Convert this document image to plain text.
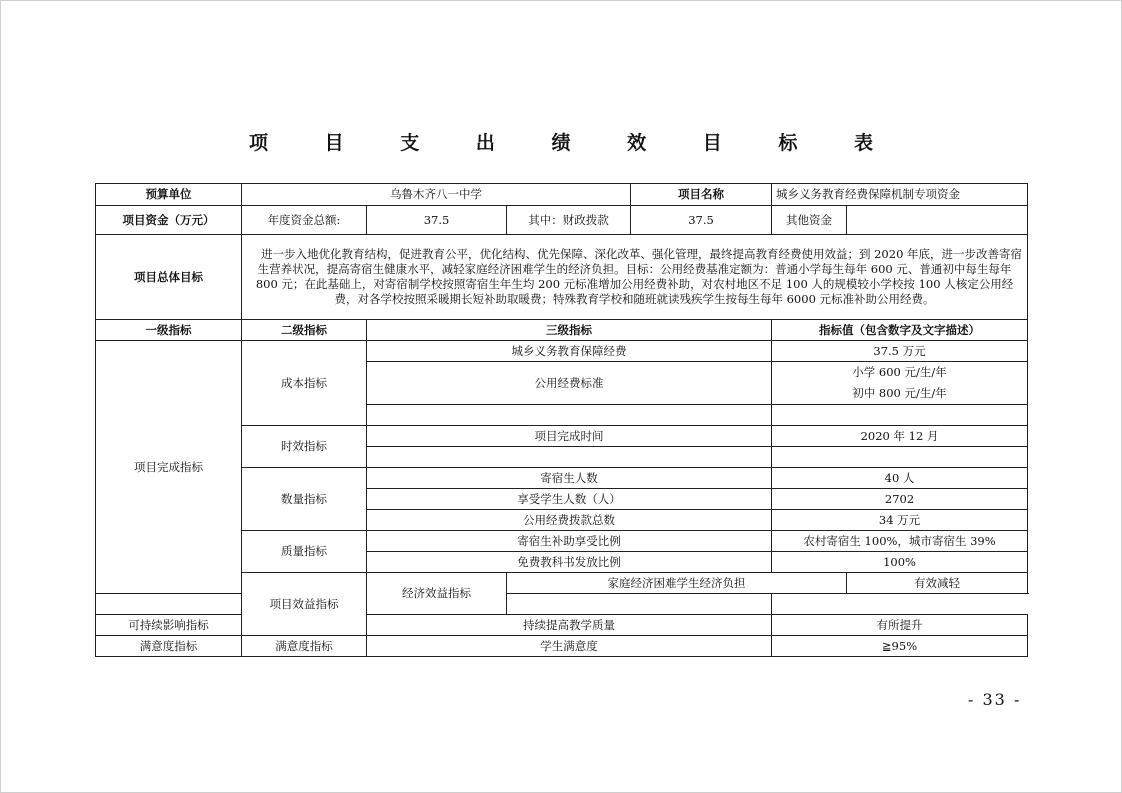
项 目 支 出 绩 效 目 标 表
预算单位	乌鲁木齐八一中学			项目名称	城乡义务教育经费保障机制专项资金	
项目资金（万元）	年度资金总额:	37.5	其中：财政拨款	37.5	其他资金	
项目总体目标	进一步入地优化教育结构，促进教育公平，优化结构、优先保障、深化改革、强化管理，最终提高教育经费使用效益；到 2020 年底，进一步改善寄宿生营养状况，提高寄宿生健康水平，减轻家庭经济困难学生的经济负担。目标：公用经费基准定额为：普通小学每生每年 600 元、普通初中每生每年 800 元；在此基础上，对寄宿制学校按照寄宿生年生均 200 元标准增加公用经费补助，对农村地区不足 100 人的规模较小学校按 100 人核定公用经费，对各学校按照采暖期长短补助取暖费；特殊教育学校和随班就读残疾学生按每生每年 6000 元标准补助公用经费。					
一级指标	二级指标	三级指标			指标值（包含数字及文字描述）	
项目完成指标	成本指标	城乡义务教育保障经费			37.5 万元	
		公用经费标准			小学 600 元/生/年
初中 800 元/生/年	

	时效指标	项目完成时间			2020 年 12 月	

	数量指标	寄宿生人数			40 人	
		享受学生人数（人）			2702	
		公用经费拨款总数			34 万元	
	质量指标	寄宿生补助享受比例			农村寄宿生 100%，城市寄宿生 39%	
		免费教科书发放比例			100%	
	项目效益指标	经济效益指标	家庭经济困难学生经济负担			有效减轻

可持续影响指标		持续提高教学质量			有所提升	
满意度指标	满意度指标	学生满意度			≧95%	
- 33 -
